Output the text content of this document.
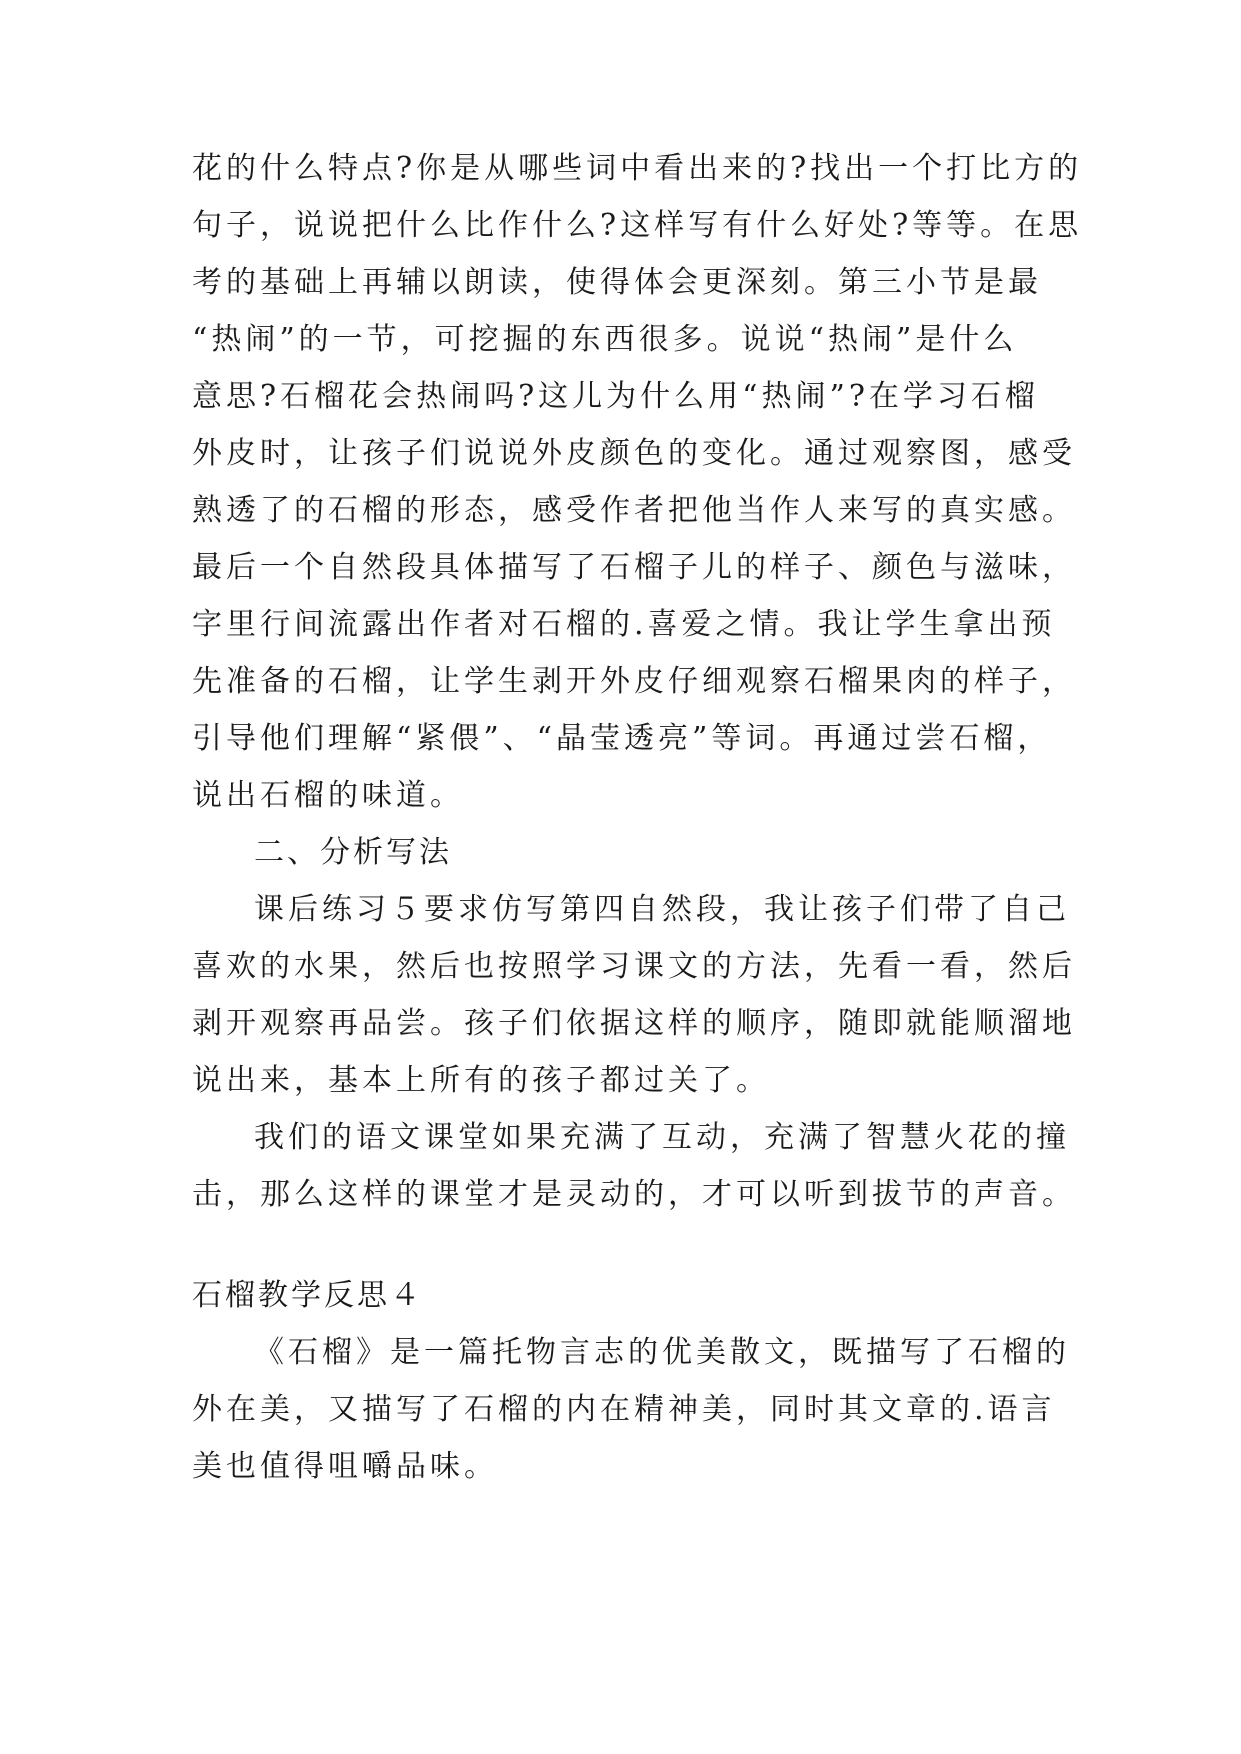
花的什么特点?你是从哪些词中看出来的?找出一个打比方的
句子，说说把什么比作什么?这样写有什么好处?等等。在思
考的基础上再辅以朗读，使得体会更深刻。第三小节是最
“热闹”的一节，可挖掘的东西很多。说说“热闹”是什么
意思?石榴花会热闹吗?这儿为什么用“热闹”?在学习石榴
外皮时，让孩子们说说外皮颜色的变化。通过观察图，感受
熟透了的石榴的形态，感受作者把他当作人来写的真实感。
最后一个自然段具体描写了石榴子儿的样子、颜色与滋味，
字里行间流露出作者对石榴的.喜爱之情。我让学生拿出预
先准备的石榴，让学生剥开外皮仔细观察石榴果肉的样子，
引导他们理解“紧偎”、“晶莹透亮”等词。再通过尝石榴，
说出石榴的味道。
二、分析写法
课后练习５要求仿写第四自然段，我让孩子们带了自己
喜欢的水果，然后也按照学习课文的方法，先看一看，然后
剥开观察再品尝。孩子们依据这样的顺序，随即就能顺溜地
说出来，基本上所有的孩子都过关了。
我们的语文课堂如果充满了互动，充满了智慧火花的撞
击，那么这样的课堂才是灵动的，才可以听到拔节的声音。
石榴教学反思４
《石榴》是一篇托物言志的优美散文，既描写了石榴的
外在美，又描写了石榴的内在精神美，同时其文章的.语言
美也值得咀嚼品味。
